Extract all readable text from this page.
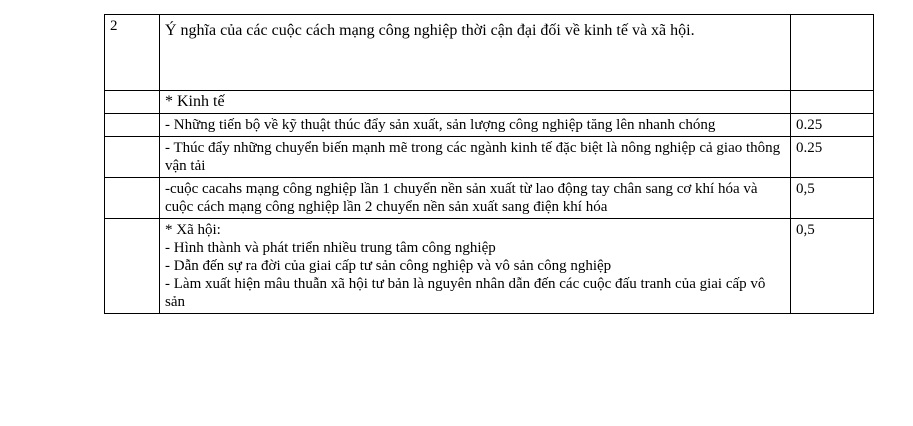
2	Ý nghĩa của các cuộc cách mạng công nghiệp thời cận đại đối về kinh tế và xã hội.	

	* Kinh tế	
	- Những tiến bộ về kỹ thuật thúc đẩy sản xuất, sản lượng công nghiệp tăng lên nhanh chóng	0.25
	- Thúc đẩy những chuyển biến mạnh mẽ trong các ngành kinh tế đặc biệt là nông nghiệp cả giao thông vận tải	0.25
	-cuộc cacahs mạng công nghiệp lần 1 chuyển nền sản xuất từ lao động tay chân sang cơ khí hóa và cuộc cách mạng công nghiệp lần 2 chuyển nền sản xuất sang điện khí hóa	0,5

	* Xã hội:
- Hình thành và phát triển nhiều trung tâm công nghiệp
- Dẫn đến sự ra đời của giai cấp tư sản công nghiệp và vô sản công nghiệp
- Làm xuất hiện mâu thuẫn xã hội tư bản là nguyên nhân dẫn đến các cuộc đấu tranh của giai cấp vô sản	0,5
